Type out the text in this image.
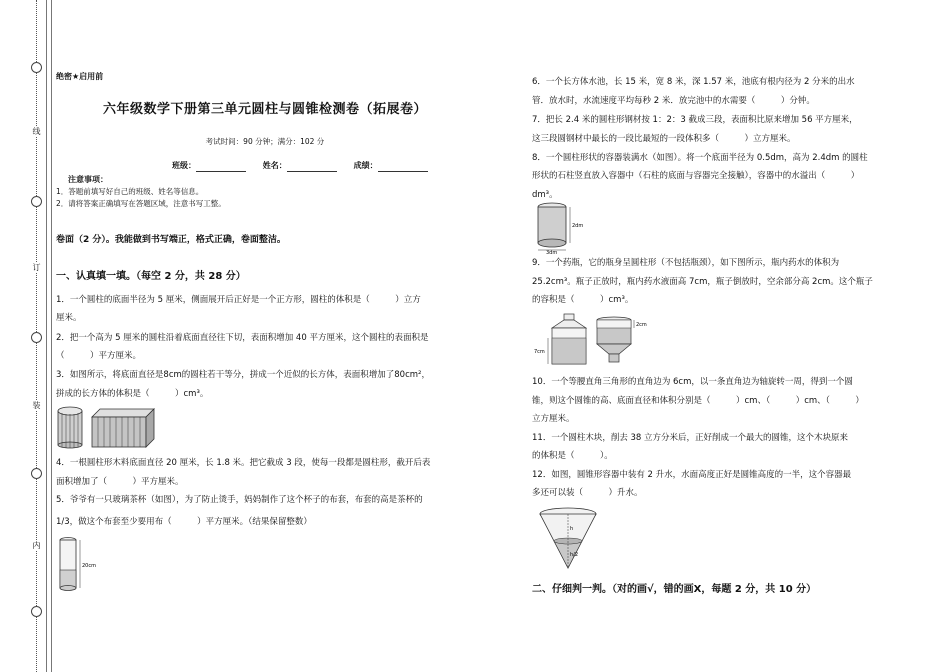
线
订
装
内
绝密★启用前
六年级数学下册第三单元圆柱与圆锥检测卷（拓展卷）
考试时间：90 分钟；满分：102 分
班级：	姓名：	成绩：
注意事项：
1．答题前填写好自己的班级、姓名等信息。
2．请将答案正确填写在答题区域，注意书写工整。
卷面（2 分）。我能做到书写端正，格式正确，卷面整洁。
一、认真填一填。（每空 2 分，共 28 分）
1．一个圆柱的底面半径为 5 厘米，侧面展开后正好是一个正方形，圆柱的体积是（　　　）立方
厘米。
2．把一个高为 5 厘米的圆柱沿着底面直径往下切，表面积增加 40 平方厘米，这个圆柱的表面积是
（　　　）平方厘米。
3．如图所示，将底面直径是8cm的圆柱若干等分，拼成一个近似的长方体，表面积增加了80cm²，
拼成的长方体的体积是（　　　）cm³。
4．一根圆柱形木料底面直径 20 厘米，长 1.8 米。把它截成 3 段，使每一段都是圆柱形，截开后表
面积增加了（　　　）平方厘米。
5．爷爷有一只玻璃茶杯（如图），为了防止烫手，妈妈制作了这个杯子的布套，布套的高是茶杯的
1/3，做这个布套至少要用布（　　　）平方厘米。（结果保留整数）
20cm
6．一个长方体水池，长 15 米，宽 8 米，深 1.57 米，池底有根内径为 2 分米的出水
管．放水时，水流速度平均每秒 2 米．放完池中的水需要（　　　）分钟。
7．把长 2.4 米的圆柱形钢材按 1：2：3 截成三段，表面积比原来增加 56 平方厘米，
这三段圆钢材中最长的一段比最短的一段体积多（　　　）立方厘米。
8．一个圆柱形状的容器装满水（如图）。将一个底面半径为 0.5dm，高为 2.4dm 的圆柱
形状的石柱竖直放入容器中（石柱的底面与容器完全接触），容器中的水溢出（　　　）
dm³。
2dm
3dm
9．一个药瓶，它的瓶身呈圆柱形（不包括瓶颈），如下图所示，瓶内药水的体积为
25.2cm³。瓶子正放时，瓶内药水液面高 7cm，瓶子倒放时，空余部分高 2cm。这个瓶子
的容积是（　　　）cm³。
7cm
2cm
10．一个等腰直角三角形的直角边为 6cm，以一条直角边为轴旋转一周，得到一个圆
锥，则这个圆锥的高、底面直径和体积分别是（　　　）cm、（　　　）cm、（　　　）
立方厘米。
11．一个圆柱木块，削去 38 立方分米后，正好削成一个最大的圆锥，这个木块原来
的体积是（　　　）。
12．如图，圆锥形容器中装有 2 升水，水面高度正好是圆锥高度的一半，这个容器最
多还可以装（　　　）升水。
h
h/2
二、仔细判一判。（对的画√，错的画X，每题 2 分，共 10 分）
